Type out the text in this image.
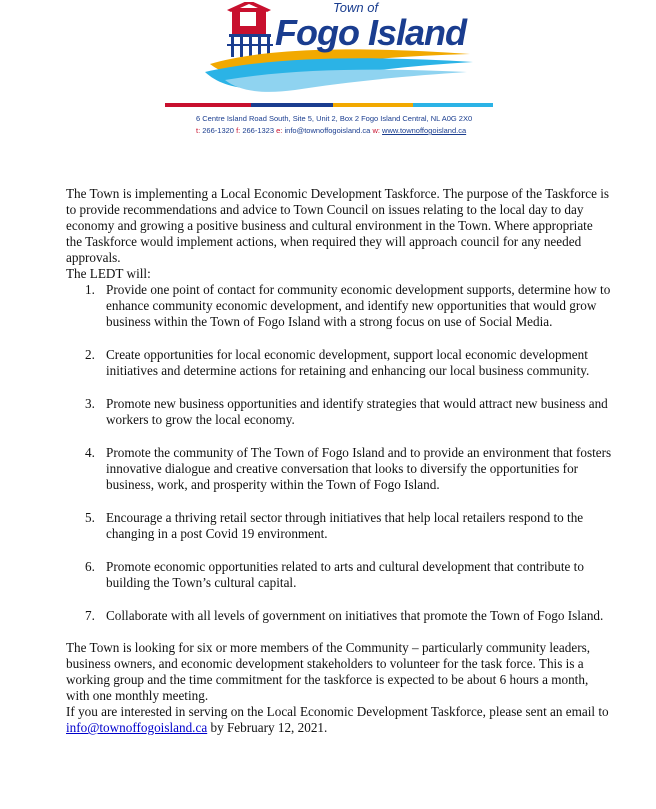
Town of
Fogo Island
6 Centre Island Road South, Site 5, Unit 2, Box 2 Fogo Island Central, NL A0G 2X0
t: 266-1320 f: 266-1323 e: info@townoffogoisland.ca w: www.townoffogoisland.ca

The Town is implementing a Local Economic Development Taskforce. The purpose of the Taskforce is to provide recommendations and advice to Town Council on issues relating to the local day to day economy and growing a positive business and cultural environment in the Town. Where appropriate the Taskforce would implement actions, when required they will approach council for any needed approvals.

The LEDT will:

1. Provide one point of contact for community economic development supports, determine how to enhance community economic development, and identify new opportunities that would grow business within the Town of Fogo Island with a strong focus on use of Social Media.
2. Create opportunities for local economic development, support local economic development initiatives and determine actions for retaining and enhancing our local business community.
3. Promote new business opportunities and identify strategies that would attract new business and workers to grow the local economy.
4. Promote the community of The Town of Fogo Island and to provide an environment that fosters innovative dialogue and creative conversation that looks to diversify the opportunities for business, work, and prosperity within the Town of Fogo Island.
5. Encourage a thriving retail sector through initiatives that help local retailers respond to the changing in a post Covid 19 environment.
6. Promote economic opportunities related to arts and cultural development that contribute to building the Town’s cultural capital.
7. Collaborate with all levels of government on initiatives that promote the Town of Fogo Island.

The Town is looking for six or more members of the Community – particularly community leaders, business owners, and economic development stakeholders to volunteer for the task force. This is a working group and the time commitment for the taskforce is expected to be about 6 hours a month, with one monthly meeting.

If you are interested in serving on the Local Economic Development Taskforce, please sent an email to info@townoffogoisland.ca by February 12, 2021.
